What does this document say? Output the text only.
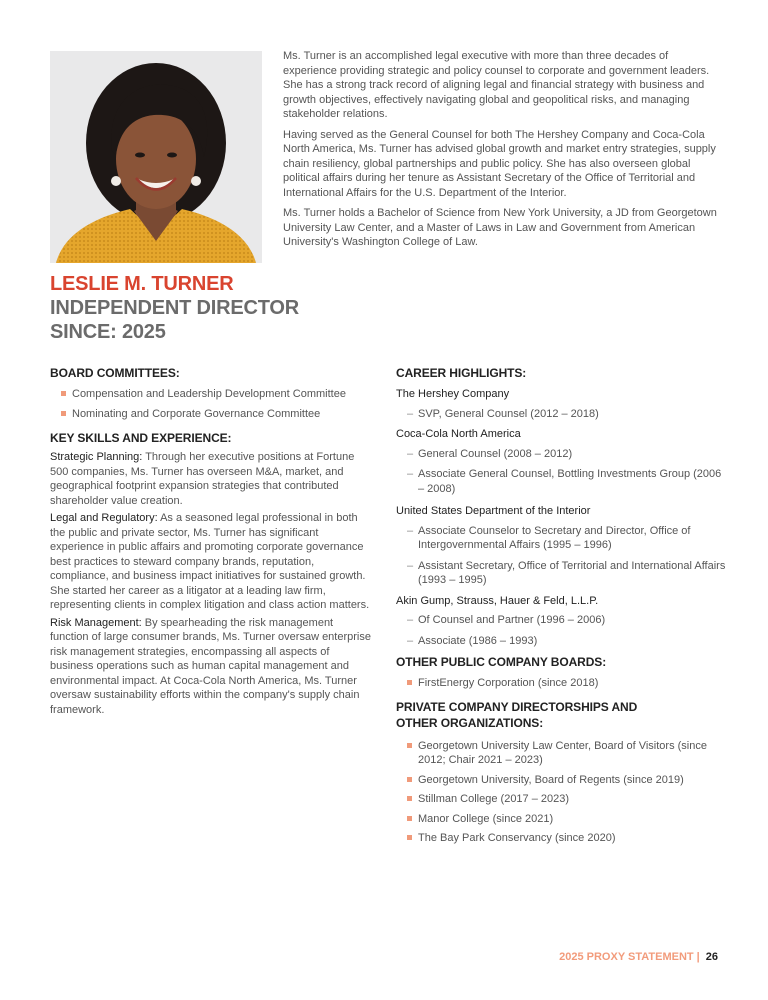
LESLIE M. TURNER
INDEPENDENT DIRECTOR
SINCE: 2025

Ms. Turner is an accomplished legal executive with more than three decades of experience providing strategic and policy counsel to corporate and government leaders. She has a strong track record of aligning legal and financial strategy with business and growth objectives, effectively navigating global and geopolitical risks, and managing stakeholder relations.

Having served as the General Counsel for both The Hershey Company and Coca-Cola North America, Ms. Turner has advised global growth and market entry strategies, supply chain resiliency, global partnerships and public policy. She has also overseen global political affairs during her tenure as Assistant Secretary of the Office of Territorial and International Affairs for the U.S. Department of the Interior.

Ms. Turner holds a Bachelor of Science from New York University, a JD from Georgetown University Law Center, and a Master of Laws in Law and Government from American University's Washington College of Law.

BOARD COMMITTEES:
Compensation and Leadership Development Committee
Nominating and Corporate Governance Committee
KEY SKILLS AND EXPERIENCE:

Strategic Planning: Through her executive positions at Fortune 500 companies, Ms. Turner has overseen M&A, market, and geographical footprint expansion strategies that contributed shareholder value creation.

Legal and Regulatory: As a seasoned legal professional in both the public and private sector, Ms. Turner has significant experience in public affairs and promoting corporate governance best practices to steward company brands, reputation, compliance, and business impact initiatives for sustained growth. She started her career as a litigator at a leading law firm, representing clients in complex litigation and class action matters.

Risk Management: By spearheading the risk management function of large consumer brands, Ms. Turner oversaw enterprise risk management strategies, encompassing all aspects of business operations such as human capital management and environmental impact. At Coca-Cola North America, Ms. Turner oversaw sustainability efforts within the company's supply chain framework.

CAREER HIGHLIGHTS:
The Hershey Company
– SVP, General Counsel (2012 – 2018)
Coca-Cola North America
– General Counsel (2008 – 2012)
– Associate General Counsel, Bottling Investments Group (2006 – 2008)
United States Department of the Interior
– Associate Counselor to Secretary and Director, Office of Intergovernmental Affairs (1995 – 1996)
– Assistant Secretary, Office of Territorial and International Affairs (1993 – 1995)
Akin Gump, Strauss, Hauer & Feld, L.L.P.
– Of Counsel and Partner (1996 – 2006)
– Associate (1986 – 1993)
OTHER PUBLIC COMPANY BOARDS:
FirstEnergy Corporation (since 2018)
PRIVATE COMPANY DIRECTORSHIPS AND OTHER ORGANIZATIONS:
Georgetown University Law Center, Board of Visitors (since 2012; Chair 2021 – 2023)
Georgetown University, Board of Regents (since 2019)
Stillman College (2017 – 2023)
Manor College (since 2021)
The Bay Park Conservancy (since 2020)
2025 PROXY STATEMENT | 26
